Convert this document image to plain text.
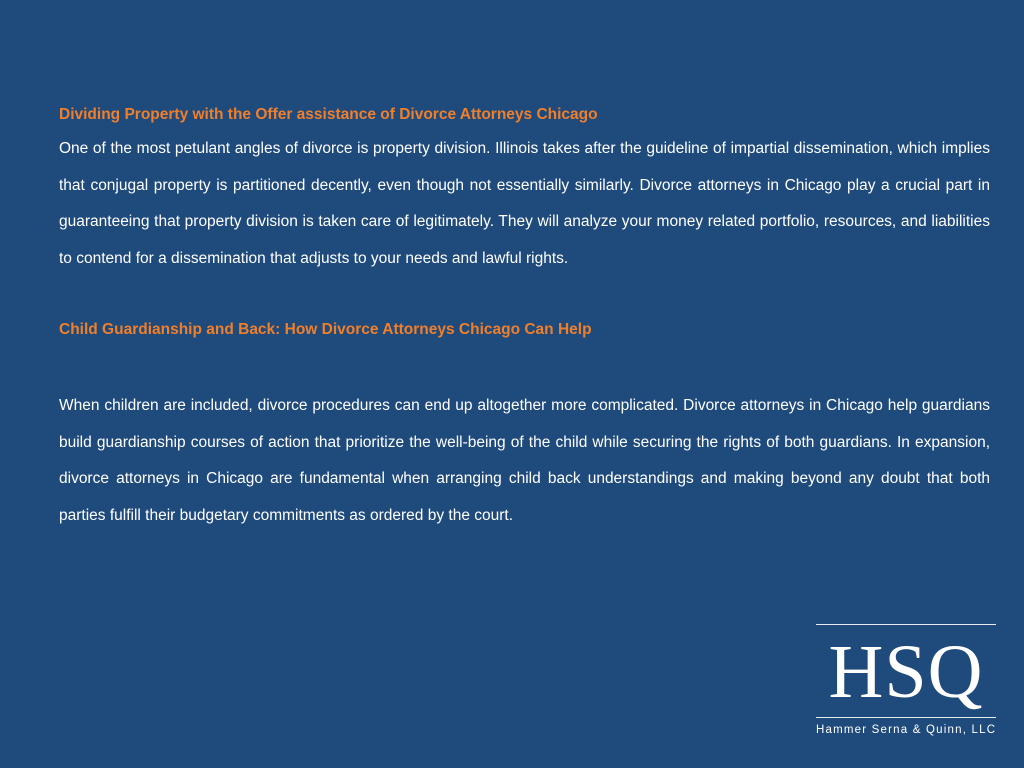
Dividing Property with the Offer assistance of Divorce Attorneys Chicago

One of the most petulant angles of divorce is property division. Illinois takes after the guideline of impartial dissemination, which implies that conjugal property is partitioned decently, even though not essentially similarly. Divorce attorneys in Chicago play a crucial part in guaranteeing that property division is taken care of legitimately. They will analyze your money related portfolio, resources, and liabilities to contend for a dissemination that adjusts to your needs and lawful rights.

Child Guardianship and Back: How Divorce Attorneys Chicago Can Help

When children are included, divorce procedures can end up altogether more complicated. Divorce attorneys in Chicago help guardians build guardianship courses of action that prioritize the well-being of the child while securing the rights of both guardians. In expansion, divorce attorneys in Chicago are fundamental when arranging child back understandings and making beyond any doubt that both parties fulfill their budgetary commitments as ordered by the court.

HSQ
Hammer Serna & Quinn, LLC
